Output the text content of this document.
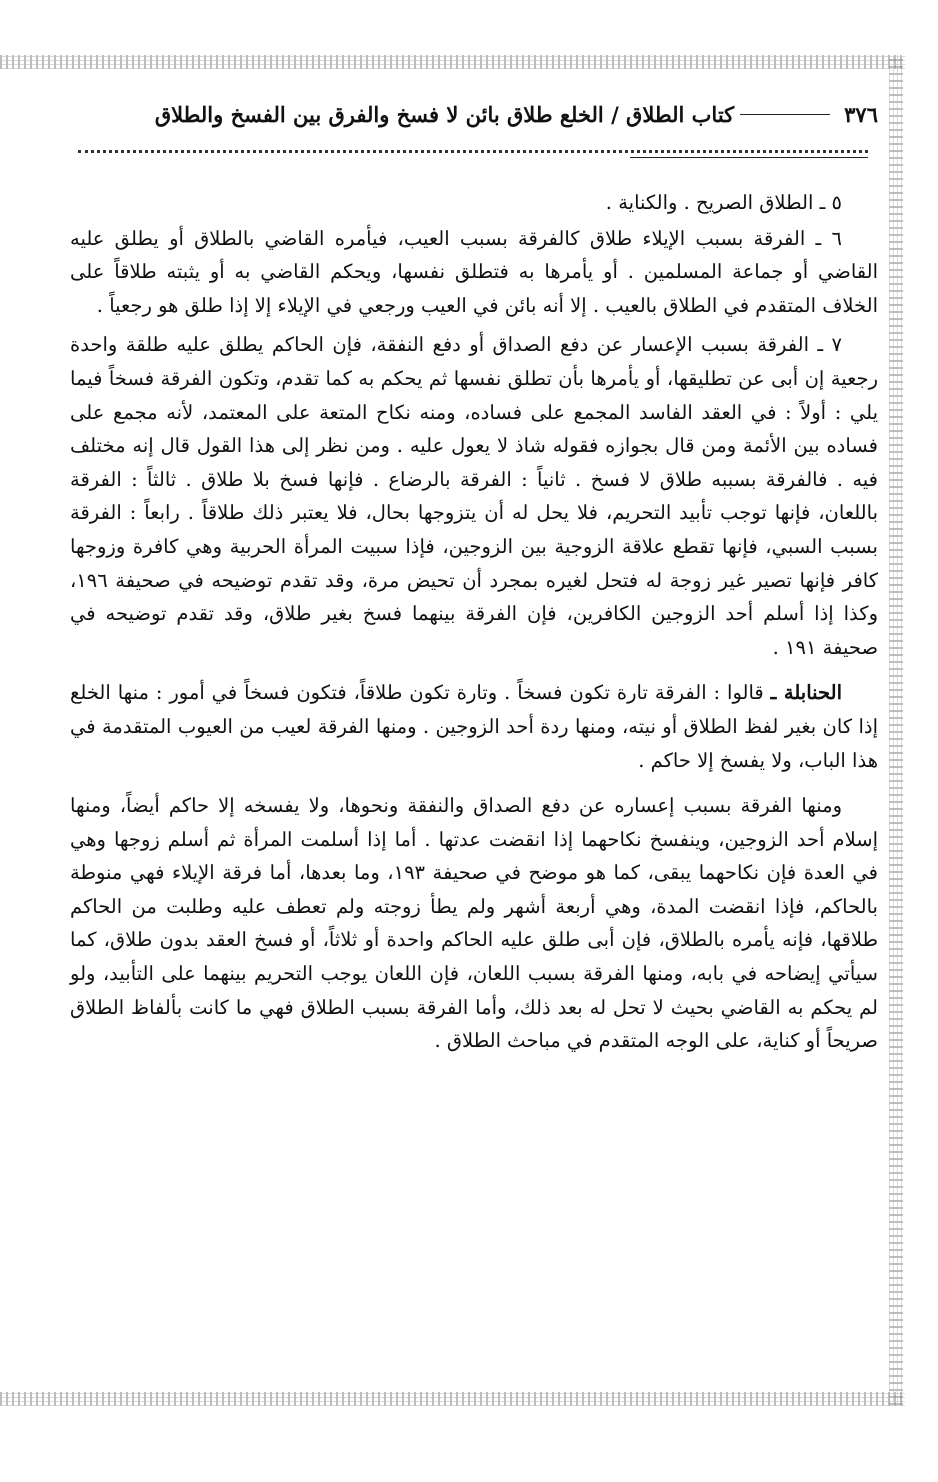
٣٧٦
كتاب الطلاق / الخلع طلاق بائن لا فسخ والفرق بين الفسخ والطلاق

٥ ـ الطلاق الصريح . والكناية .

٦ ـ الفرقة بسبب الإيلاء طلاق كالفرقة بسبب العيب، فيأمره القاضي بالطلاق أو يطلق عليه القاضي أو جماعة المسلمين . أو يأمرها به فتطلق نفسها، ويحكم القاضي به أو يثبته طلاقاً على الخلاف المتقدم في الطلاق بالعيب . إلا أنه بائن في العيب ورجعي في الإيلاء إلا إذا طلق هو رجعياً .

٧ ـ الفرقة بسبب الإعسار عن دفع الصداق أو دفع النفقة، فإن الحاكم يطلق عليه طلقة واحدة رجعية إن أبى عن تطليقها، أو يأمرها بأن تطلق نفسها ثم يحكم به كما تقدم، وتكون الفرقة فسخاً فيما يلي : أولاً : في العقد الفاسد المجمع على فساده، ومنه نكاح المتعة على المعتمد، لأنه مجمع على فساده بين الأئمة ومن قال بجوازه فقوله شاذ لا يعول عليه . ومن نظر إلى هذا القول قال إنه مختلف فيه . فالفرقة بسببه طلاق لا فسخ . ثانياً : الفرقة بالرضاع . فإنها فسخ بلا طلاق . ثالثاً : الفرقة باللعان، فإنها توجب تأبيد التحريم، فلا يحل له أن يتزوجها بحال، فلا يعتبر ذلك طلاقاً . رابعاً : الفرقة بسبب السبي، فإنها تقطع علاقة الزوجية بين الزوجين، فإذا سبيت المرأة الحربية وهي كافرة وزوجها كافر فإنها تصير غير زوجة له فتحل لغيره بمجرد أن تحيض مرة، وقد تقدم توضيحه في صحيفة ١٩٦، وكذا إذا أسلم أحد الزوجين الكافرين، فإن الفرقة بينهما فسخ بغير طلاق، وقد تقدم توضيحه في صحيفة ١٩١ .

الحنابلة ـ قالوا : الفرقة تارة تكون فسخاً . وتارة تكون طلاقاً، فتكون فسخاً في أمور : منها الخلع إذا كان بغير لفظ الطلاق أو نيته، ومنها ردة أحد الزوجين . ومنها الفرقة لعيب من العيوب المتقدمة في هذا الباب، ولا يفسخ إلا حاكم .

ومنها الفرقة بسبب إعساره عن دفع الصداق والنفقة ونحوها، ولا يفسخه إلا حاكم أيضاً، ومنها إسلام أحد الزوجين، وينفسخ نكاحهما إذا انقضت عدتها . أما إذا أسلمت المرأة ثم أسلم زوجها وهي في العدة فإن نكاحهما يبقى، كما هو موضح في صحيفة ١٩٣، وما بعدها، أما فرقة الإيلاء فهي منوطة بالحاكم، فإذا انقضت المدة، وهي أربعة أشهر ولم يطأ زوجته ولم تعطف عليه وطلبت من الحاكم طلاقها، فإنه يأمره بالطلاق، فإن أبى طلق عليه الحاكم واحدة أو ثلاثاً، أو فسخ العقد بدون طلاق، كما سيأتي إيضاحه في بابه، ومنها الفرقة بسبب اللعان، فإن اللعان يوجب التحريم بينهما على التأبيد، ولو لم يحكم به القاضي بحيث لا تحل له بعد ذلك، وأما الفرقة بسبب الطلاق فهي ما كانت بألفاظ الطلاق صريحاً أو كناية، على الوجه المتقدم في مباحث الطلاق .
